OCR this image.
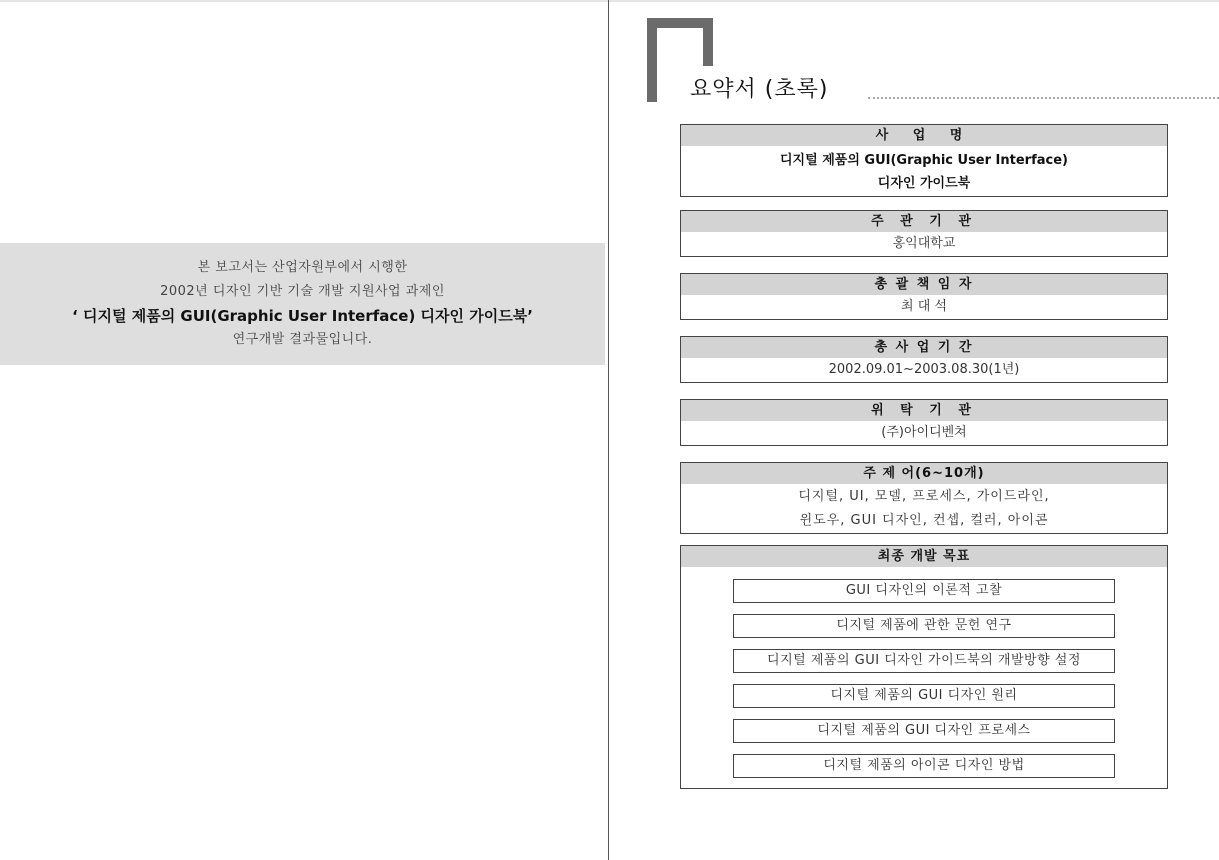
본 보고서는 산업자원부에서 시행한
2002년 디자인 기반 기술 개발 지원사업 과제인
‘ 디지털 제품의 GUI(Graphic User Interface) 디자인 가이드북’
연구개발 결과물입니다.
요약서 (초록)
사 업 명
디지털 제품의 GUI(Graphic User Interface)
디자인 가이드북
주 관 기 관
홍익대학교
총 괄 책 임 자
최 대 석
총 사 업 기 간
2002.09.01~2003.08.30(1년)
위 탁 기 관
(주)아이디벤쳐
주 제 어(6~10개)
디지털, UI, 모델, 프로세스, 가이드라인,
윈도우, GUI 디자인, 컨셉, 컬러, 아이콘
최종 개발 목표
GUI 디자인의 이론적 고찰
디지털 제품에 관한 문헌 연구
디지털 제품의 GUI 디자인 가이드북의 개발방향 설정
디지털 제품의 GUI 디자인 원리
디지털 제품의 GUI 디자인 프로세스
디지털 제품의 아이콘 디자인 방법
